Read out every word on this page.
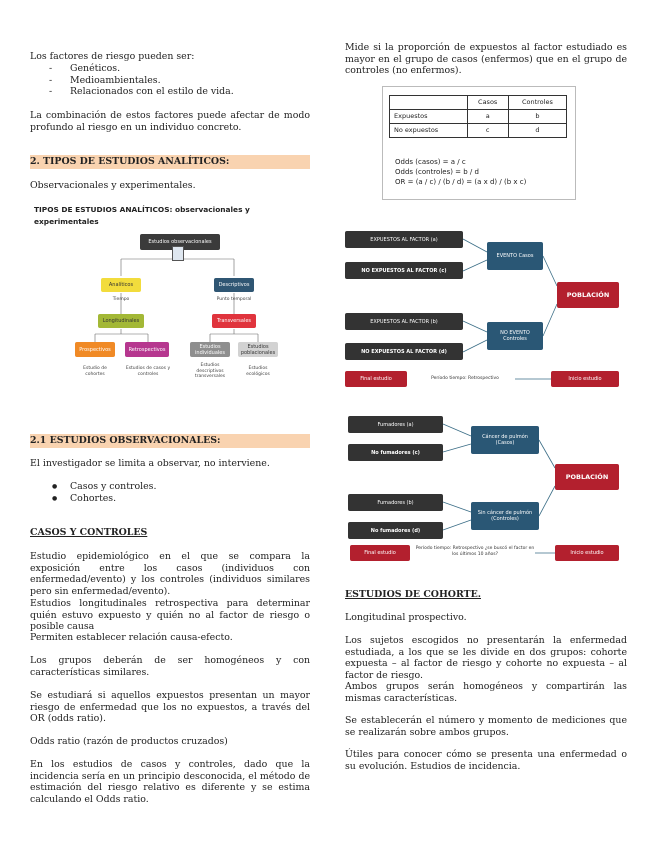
Los factores de riesgo pueden ser:

- Genéticos.
- Medioambientales.
- Relacionados con el estilo de vida.

La combinación de estos factores puede afectar de modo profundo al riesgo en un individuo concreto.

2. TIPOS DE ESTUDIOS ANALÍTICOS:

Observacionales y experimentales.

TIPOS DE ESTUDIOS ANALÍTICOS: observacionales y experimentales
Estudios observacionales
Analíticos	Descriptivos
Tiempo	Punto temporal
Longitudinales	Transversales
Prospectivos	Retrospectivos	Estudios individuales
Estudios poblacionales
Estudio de cohortes
Estudios de casos y controles
Estudios descriptivos transversales
Estudios ecológicos
2.1 ESTUDIOS OBSERVACIONALES:

El investigador se limita a observar, no interviene.

● Casos y controles.
● Cohortes.
CASOS Y CONTROLES

Estudio epidemiológico en el que se compara la exposición entre los casos (individuos con enfermedad/evento) y los controles (individuos similares pero sin enfermedad/evento).

Estudios longitudinales retrospectiva para determinar quién estuvo expuesto y quién no al factor de riesgo o posible causa

Permiten establecer relación causa-efecto.

Los grupos deberán de ser homogéneos y con características similares.

Se estudiará si aquellos expuestos presentan un mayor riesgo de enfermedad que los no expuestos, a través del OR (odds ratio).

Odds ratio (razón de productos cruzados)

En los estudios de casos y controles, dado que la incidencia sería en un principio desconocida, el método de estimación del riesgo relativo es diferente y se estima calculando el Odds ratio.

Mide si la proporción de expuestos al factor estudiado es mayor en el grupo de casos (enfermos) que en el grupo de controles (no enfermos).

	Casos	Controles
Expuestos	a	b
No expuestos	c	d
Odds (casos) = a / c
Odds (controles) = b / d
OR = (a / c) / (b / d) = (a x d) / (b x c)
EXPUESTOS AL FACTOR (a)
NO EXPUESTOS AL FACTOR (c)
EXPUESTOS AL FACTOR (b)
NO EXPUESTOS AL FACTOR (d)
EVENTO Casos
NO EVENTO Controles
POBLACIÓN
Final estudio	Período tiempo: Retrospectivo	Inicio estudio
Fumadores (a)
No fumadores (c)
Fumadores (b)
No fumadores (d)
Cáncer de pulmón (Casos)
Sin cáncer de pulmón (Controles)
POBLACIÓN
Final estudio
Período tiempo: Retrospectivo ¿se buscó el factor en los últimos 10 años?	Inicio estudio
ESTUDIOS DE COHORTE.

Longitudinal prospectivo.

Los sujetos escogidos no presentarán la enfermedad estudiada, a los que se les divide en dos grupos: cohorte expuesta – al factor de riesgo y cohorte no expuesta – al factor de riesgo.

Ambos grupos serán homogéneos y compartirán las mismas características.

Se establecerán el número y momento de mediciones que se realizarán sobre ambos grupos.

Útiles para conocer cómo se presenta una enfermedad o su evolución. Estudios de incidencia.
